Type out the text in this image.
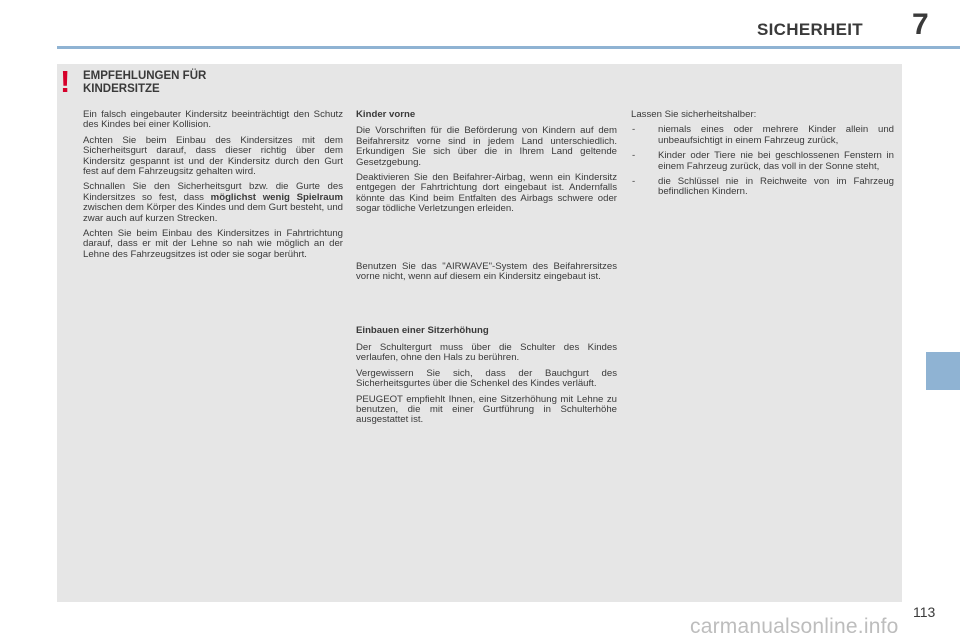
SICHERHEIT 7
! EMPFEHLUNGEN FÜR
KINDERSITZE

Ein falsch eingebauter Kindersitz beeinträchtigt den Schutz des Kindes bei einer Kollision.

Achten Sie beim Einbau des Kindersitzes mit dem Sicherheitsgurt darauf, dass dieser richtig über dem Kindersitz gespannt ist und der Kindersitz durch den Gurt fest auf dem Fahrzeugsitz gehalten wird.

Schnallen Sie den Sicherheitsgurt bzw. die Gurte des Kindersitzes so fest, dass möglichst wenig Spielraum zwischen dem Körper des Kindes und dem Gurt besteht, und zwar auch auf kurzen Strecken.

Achten Sie beim Einbau des Kindersitzes in Fahrtrichtung darauf, dass er mit der Lehne so nah wie möglich an der Lehne des Fahrzeugsitzes ist oder sie sogar berührt.

Kinder vorne

Die Vorschriften für die Beförderung von Kindern auf dem Beifahrersitz vorne sind in jedem Land unterschiedlich. Erkundigen Sie sich über die in Ihrem Land geltende Gesetzgebung.

Deaktivieren Sie den Beifahrer-Airbag, wenn ein Kindersitz entgegen der Fahrtrichtung dort eingebaut ist. Andernfalls könnte das Kind beim Entfalten des Airbags schwere oder sogar tödliche Verletzungen erleiden.

Benutzen Sie das "AIRWAVE"-System des Beifahrersitzes vorne nicht, wenn auf diesem ein Kindersitz eingebaut ist.

Einbauen einer Sitzerhöhung

Der Schultergurt muss über die Schulter des Kindes verlaufen, ohne den Hals zu berühren.

Vergewissern Sie sich, dass der Bauchgurt des Sicherheitsgurtes über die Schenkel des Kindes verläuft.

PEUGEOT empfiehlt Ihnen, eine Sitzerhöhung mit Lehne zu benutzen, die mit einer Gurtführung in Schulterhöhe ausgestattet ist.

Lassen Sie sicherheitshalber:

- niemals eines oder mehrere Kinder allein und unbeaufsichtigt in einem Fahrzeug zurück,
- Kinder oder Tiere nie bei geschlossenen Fenstern in einem Fahrzeug zurück, das voll in der Sonne steht,
- die Schlüssel nie in Reichweite von im Fahrzeug befindlichen Kindern.
113
carmanualsonline.info
